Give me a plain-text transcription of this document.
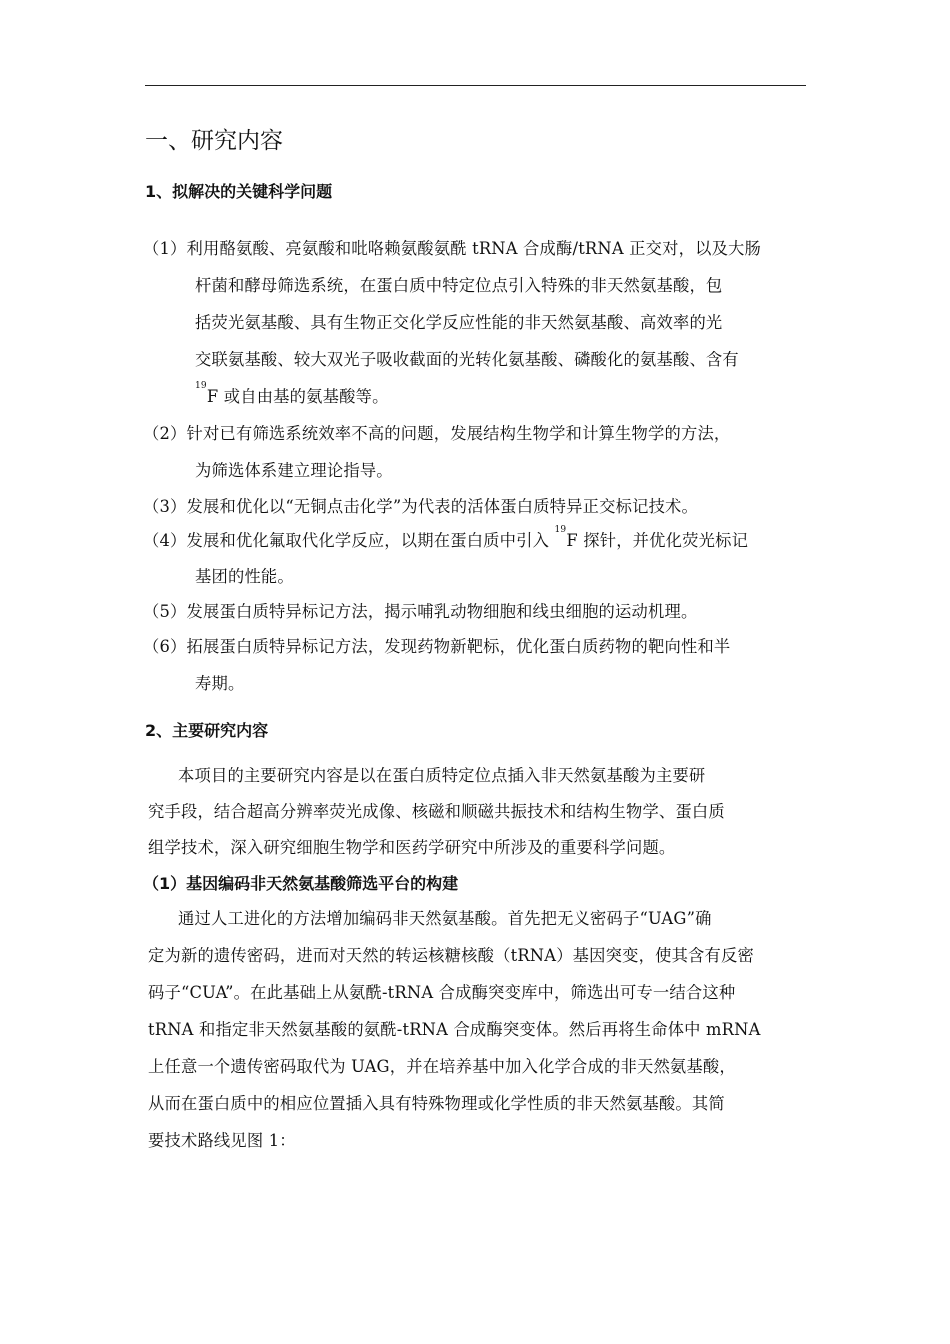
一、研究内容
1、拟解决的关键科学问题
（1）利用酪氨酸、亮氨酸和吡咯赖氨酸氨酰 tRNA 合成酶/tRNA 正交对，以及大肠
杆菌和酵母筛选系统，在蛋白质中特定位点引入特殊的非天然氨基酸，包
括荧光氨基酸、具有生物正交化学反应性能的非天然氨基酸、高效率的光
交联氨基酸、较大双光子吸收截面的光转化氨基酸、磷酸化的氨基酸、含有
$^{19}$F 或自由基的氨基酸等。
（2）针对已有筛选系统效率不高的问题，发展结构生物学和计算生物学的方法，
为筛选体系建立理论指导。
（3）发展和优化以“无铜点击化学”为代表的活体蛋白质特异正交标记技术。
（4）发展和优化氟取代化学反应，以期在蛋白质中引入 $^{19}$F 探针，并优化荧光标记
基团的性能。
（5）发展蛋白质特异标记方法，揭示哺乳动物细胞和线虫细胞的运动机理。
（6）拓展蛋白质特异标记方法，发现药物新靶标，优化蛋白质药物的靶向性和半
寿期。
2、主要研究内容
本项目的主要研究内容是以在蛋白质特定位点插入非天然氨基酸为主要研
究手段，结合超高分辨率荧光成像、核磁和顺磁共振技术和结构生物学、蛋白质
组学技术，深入研究细胞生物学和医药学研究中所涉及的重要科学问题。
（1）基因编码非天然氨基酸筛选平台的构建
通过人工进化的方法增加编码非天然氨基酸。首先把无义密码子“UAG”确
定为新的遗传密码，进而对天然的转运核糖核酸（tRNA）基因突变，使其含有反密
码子“CUA”。在此基础上从氨酰-tRNA 合成酶突变库中，筛选出可专一结合这种
tRNA 和指定非天然氨基酸的氨酰-tRNA 合成酶突变体。然后再将生命体中 mRNA
上任意一个遗传密码取代为 UAG，并在培养基中加入化学合成的非天然氨基酸，
从而在蛋白质中的相应位置插入具有特殊物理或化学性质的非天然氨基酸。其简
要技术路线见图 1：
